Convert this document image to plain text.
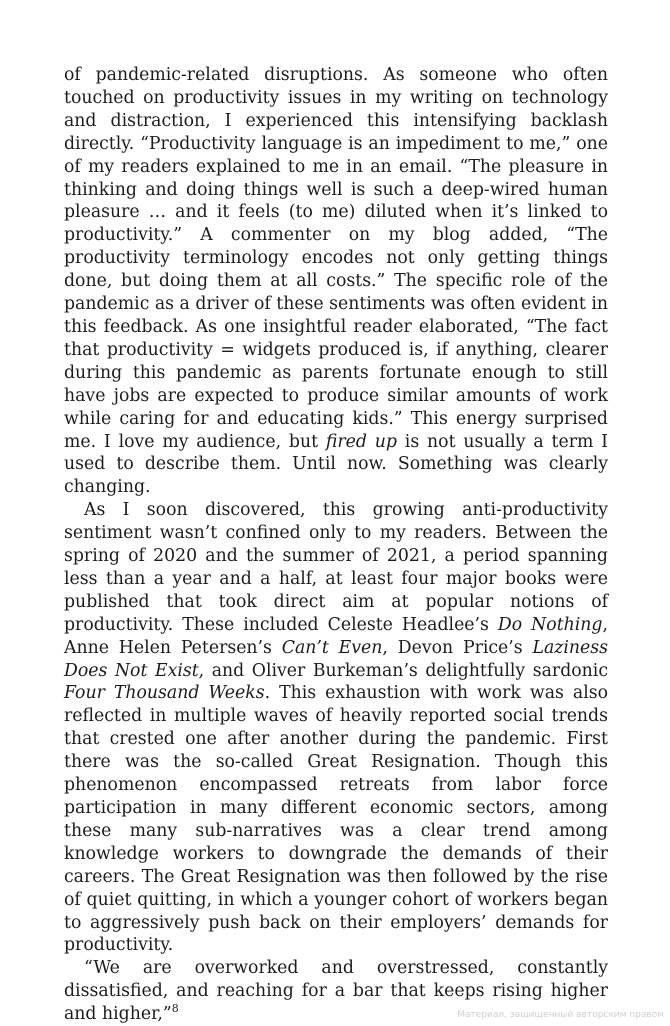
of pandemic-related disruptions. As someone who often touched on productivity issues in my writing on technology and distraction, I experienced this intensifying backlash directly. “Productivity language is an impediment to me,” one of my readers explained to me in an email. “The pleasure in thinking and doing things well is such a deep-wired human pleasure … and it feels (to me) diluted when it’s linked to productivity.” A commenter on my blog added, “The productivity terminology encodes not only getting things done, but doing them at all costs.” The specific role of the pandemic as a driver of these sentiments was often evident in this feedback. As one insightful reader elaborated, “The fact that productivity = widgets produced is, if anything, clearer during this pandemic as parents fortunate enough to still have jobs are expected to produce similar amounts of work while caring for and educating kids.” This energy surprised me. I love my audience, but fired up is not usually a term I used to describe them. Until now. Something was clearly changing.

As I soon discovered, this growing anti-productivity sentiment wasn’t confined only to my readers. Between the spring of 2020 and the summer of 2021, a period spanning less than a year and a half, at least four major books were published that took direct aim at popular notions of productivity. These included Celeste Headlee’s Do Nothing, Anne Helen Petersen’s Can’t Even, Devon Price’s Laziness Does Not Exist, and Oliver Burkeman’s delightfully sardonic Four Thousand Weeks. This exhaustion with work was also reflected in multiple waves of heavily reported social trends that crested one after another during the pandemic. First there was the so-called Great Resignation. Though this phenomenon encompassed retreats from labor force participation in many different economic sectors, among these many sub-narratives was a clear trend among knowledge workers to downgrade the demands of their careers. The Great Resignation was then followed by the rise of quiet quitting, in which a younger cohort of workers began to aggressively push back on their employers’ demands for productivity.

“We are overworked and overstressed, constantly dissatisfied, and reaching for a bar that keeps rising higher and higher,”$^8$	Материал, защищенный авторским правом
